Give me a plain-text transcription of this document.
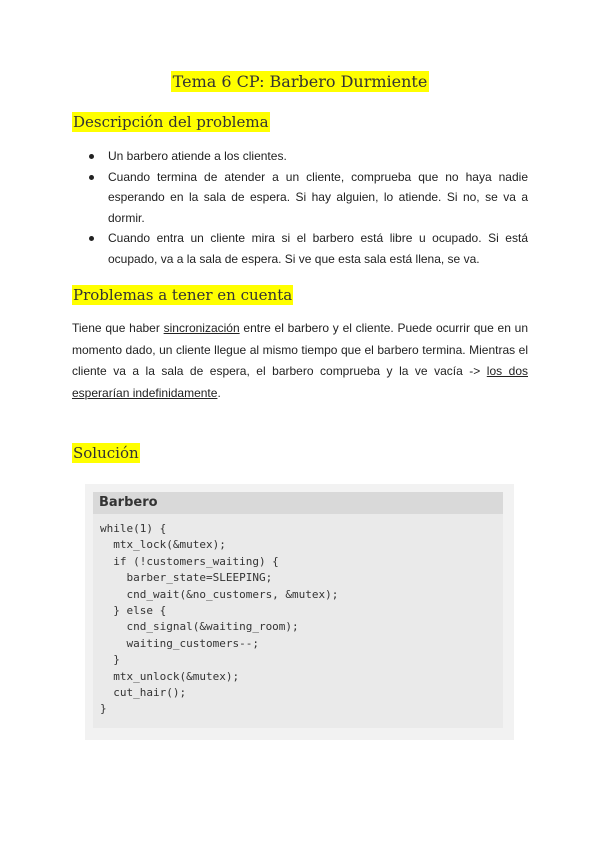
Tema 6 CP: Barbero Durmiente
Descripción del problema
Un barbero atiende a los clientes.
Cuando termina de atender a un cliente, comprueba que no haya nadie esperando en la sala de espera. Si hay alguien, lo atiende. Si no, se va a dormir.
Cuando entra un cliente mira si el barbero está libre u ocupado. Si está ocupado, va a la sala de espera. Si ve que esta sala está llena, se va.
Problemas a tener en cuenta

Tiene que haber sincronización entre el barbero y el cliente. Puede ocurrir que en un momento dado, un cliente llegue al mismo tiempo que el barbero termina. Mientras el cliente va a la sala de espera, el barbero comprueba y la ve vacía -> los dos esperarían indefinidamente.

Solución
Barbero
while(1) {
mtx_lock(&mutex);
if (!customers_waiting) {
barber_state=SLEEPING;
cnd_wait(&no_customers, &mutex);
} else {
cnd_signal(&waiting_room);
waiting_customers--;
}
mtx_unlock(&mutex);
cut_hair();
}
